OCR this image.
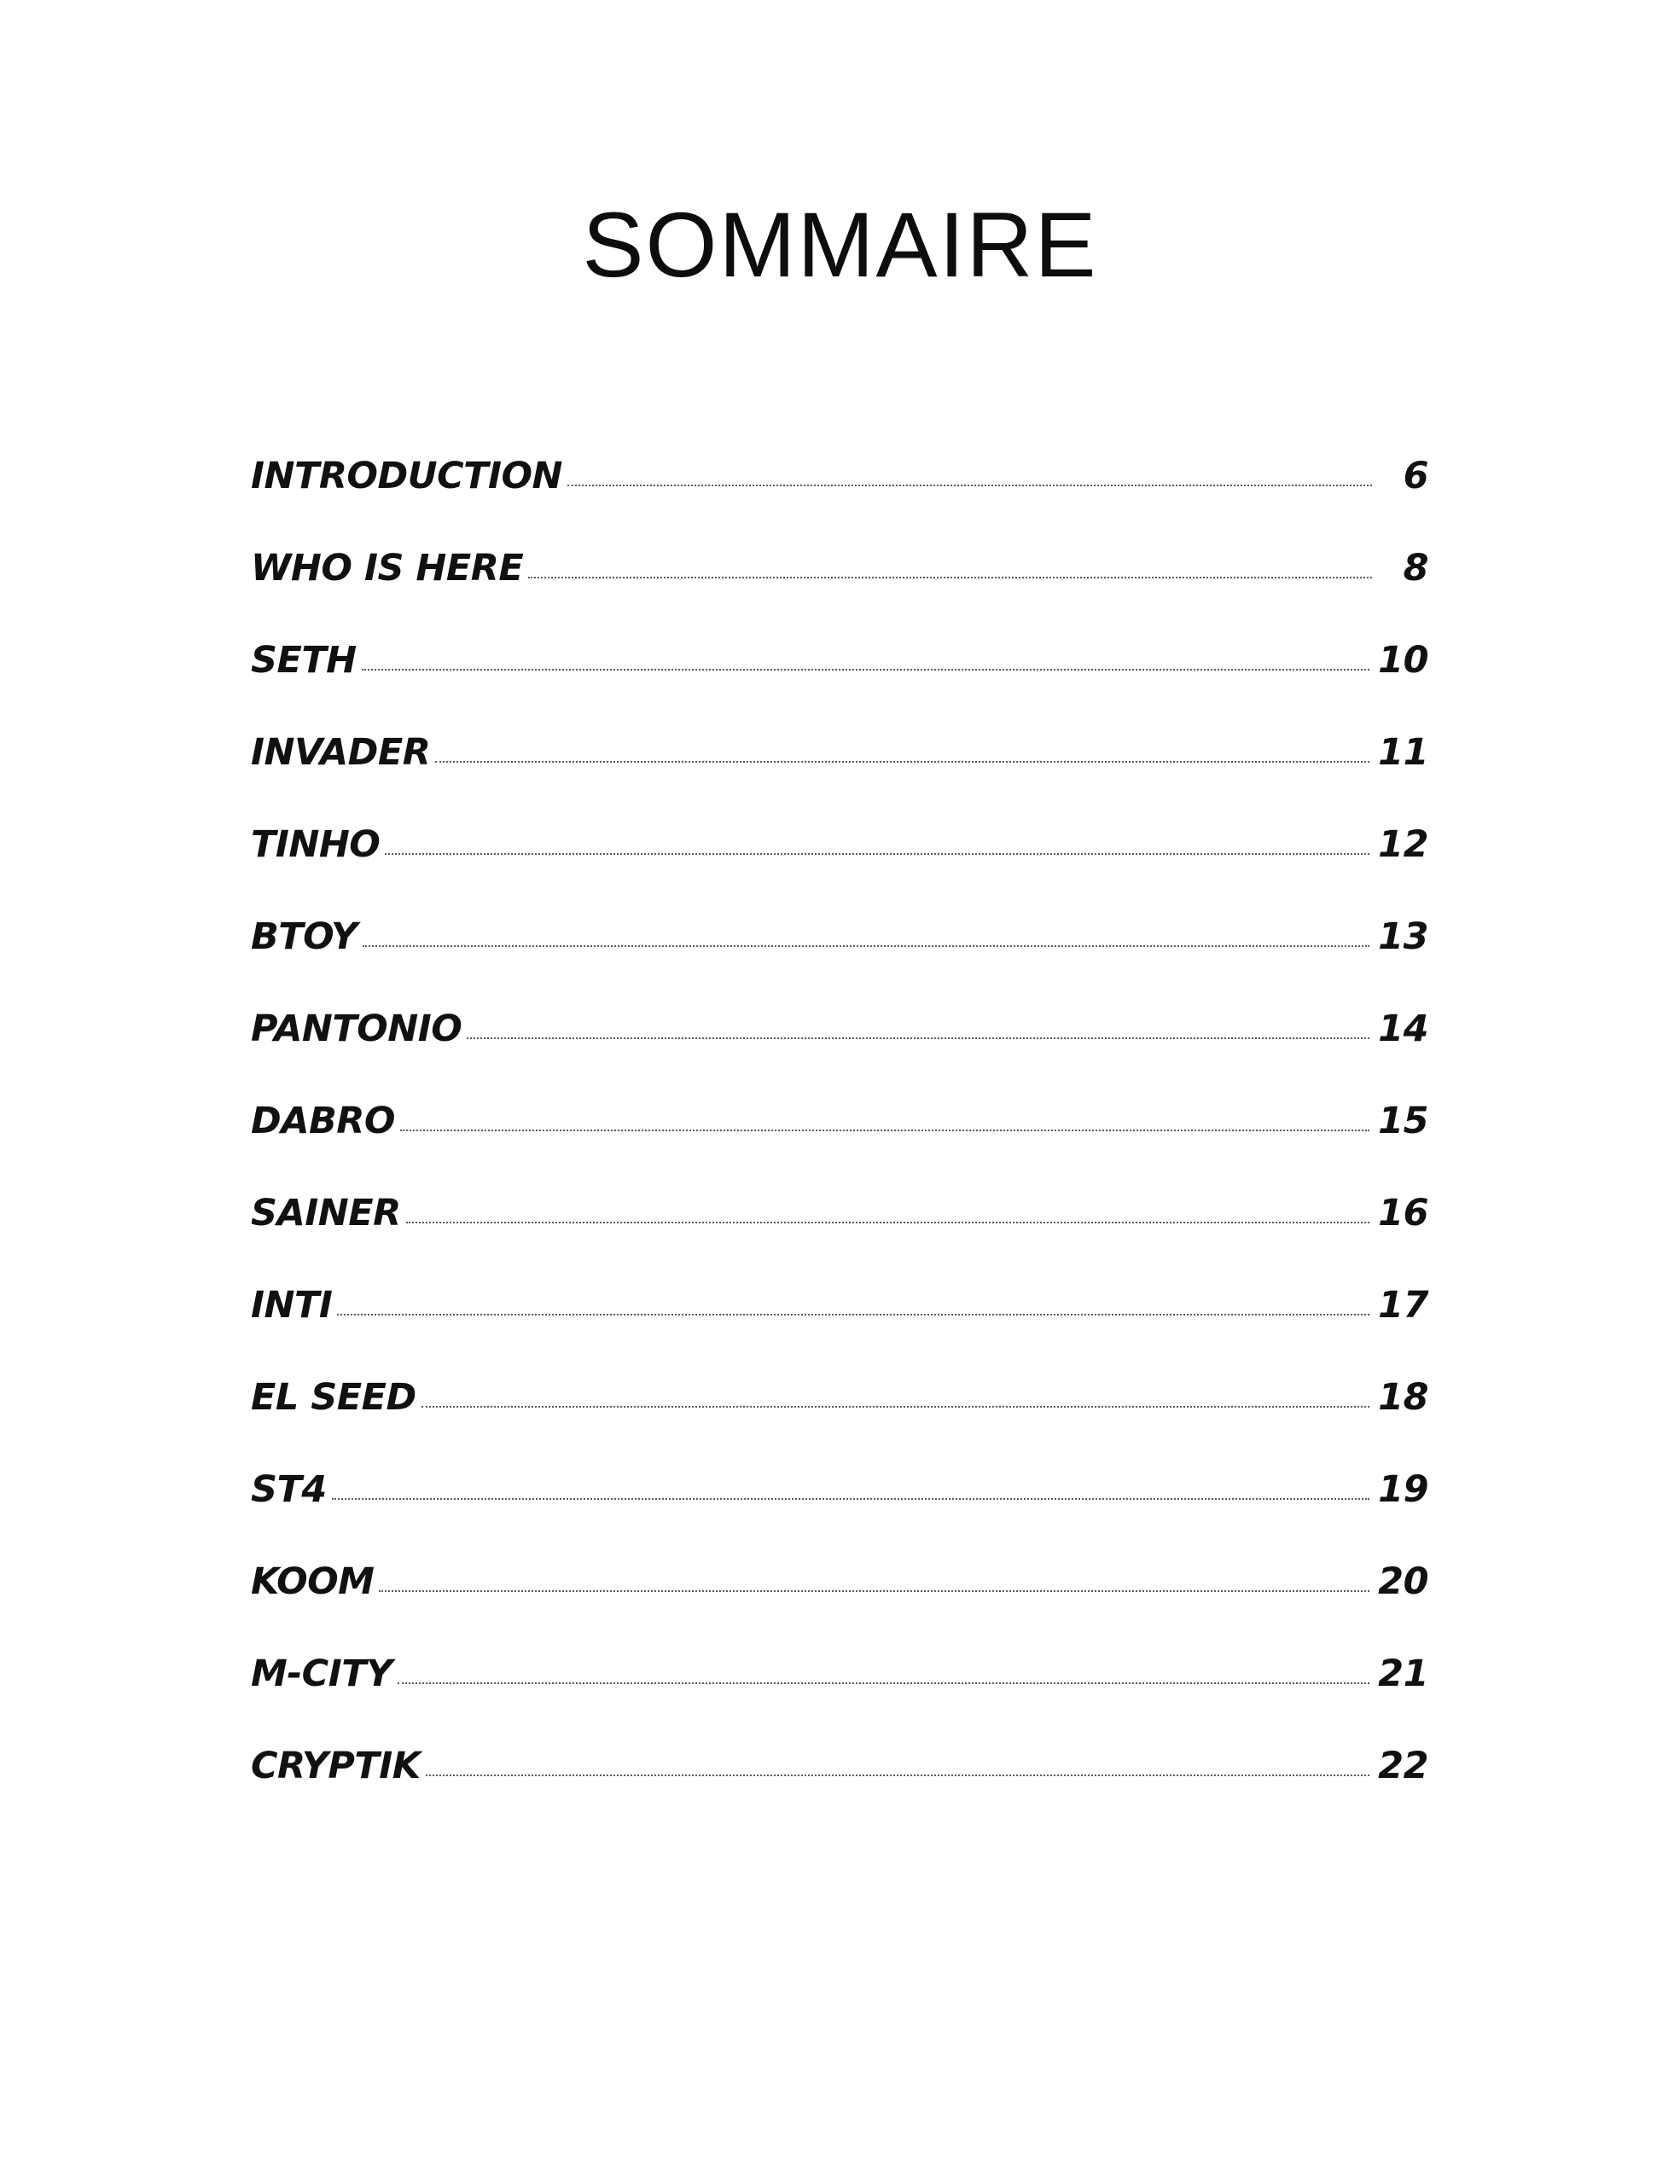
SOMMAIRE
INTRODUCTION	6
WHO IS HERE	8
SETH	10
INVADER	11
TINHO	12
BTOY	13
PANTONIO	14
DABRO	15
SAINER	16
INTI	17
EL SEED	18
ST4	19
KOOM	20
M-CITY	21
CRYPTIK	22
